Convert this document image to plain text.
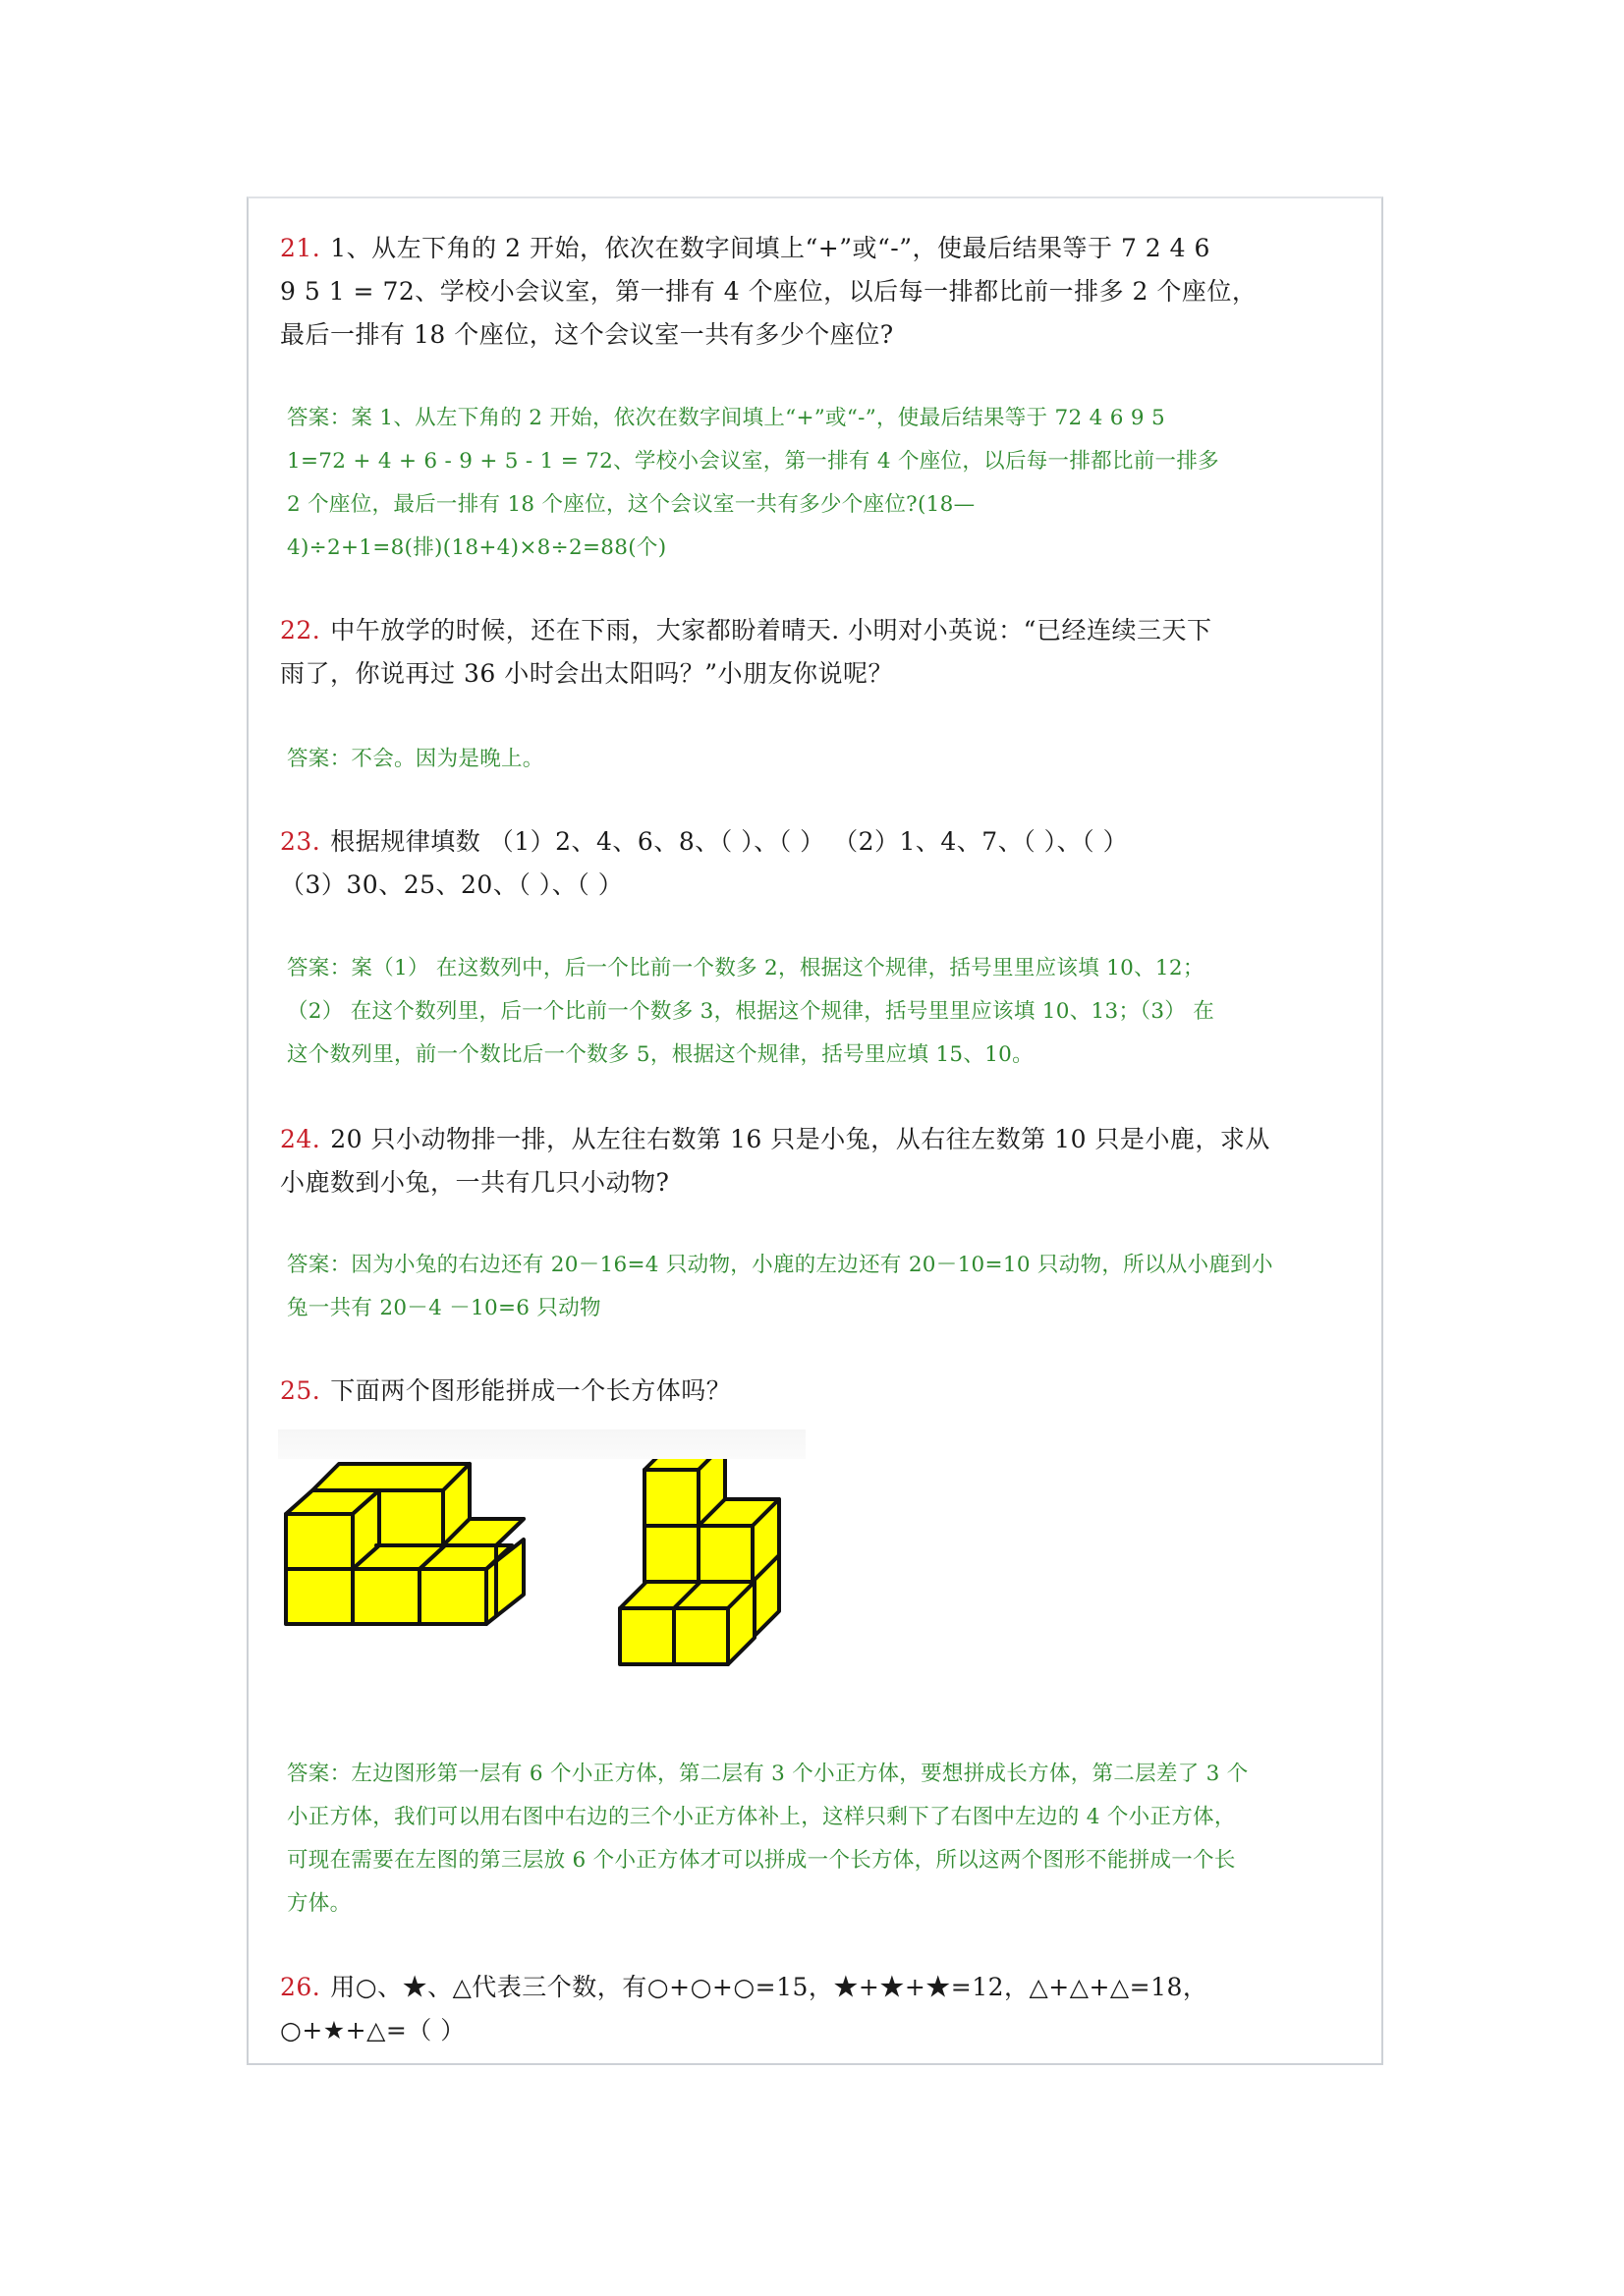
21. 1、从左下角的 2 开始，依次在数字间填上“+”或“-”，使最后结果等于 7 2 4 6
9 5 1 = 72、学校小会议室，第一排有 4 个座位，以后每一排都比前一排多 2 个座位，
最后一排有 18 个座位，这个会议室一共有多少个座位?
答案：案 1、从左下角的 2 开始，依次在数字间填上“+”或“-”，使最后结果等于 72 4 6 9 5
1=72 + 4 + 6 - 9 + 5 - 1 = 72、学校小会议室，第一排有 4 个座位，以后每一排都比前一排多
2 个座位，最后一排有 18 个座位，这个会议室一共有多少个座位?(18—
4)÷2+1=8(排)(18+4)×8÷2=88(个)
22. 中午放学的时候，还在下雨，大家都盼着晴天. 小明对小英说：“已经连续三天下
雨了，你说再过 36 小时会出太阳吗？”小朋友你说呢？
答案：不会。因为是晚上。
23. 根据规律填数 （1）2、4、6、8、（ ）、（ ） （2）1、4、7、（ ）、（ ）
（3）30、25、20、（ ）、（ ）
答案：案（1） 在这数列中，后一个比前一个数多 2，根据这个规律，括号里里应该填 10、12；
（2） 在这个数列里，后一个比前一个数多 3，根据这个规律，括号里里应该填 10、13；（3） 在
这个数列里，前一个数比后一个数多 5，根据这个规律，括号里应填 15、10。
24. 20 只小动物排一排，从左往右数第 16 只是小兔，从右往左数第 10 只是小鹿，求从
小鹿数到小兔，一共有几只小动物?
答案：因为小兔的右边还有 20－16=4 只动物，小鹿的左边还有 20－10=10 只动物，所以从小鹿到小
兔一共有 20－4 －10=6 只动物
25. 下面两个图形能拼成一个长方体吗？
答案：左边图形第一层有 6 个小正方体，第二层有 3 个小正方体，要想拼成长方体，第二层差了 3 个
小正方体，我们可以用右图中右边的三个小正方体补上，这样只剩下了右图中左边的 4 个小正方体，
可现在需要在左图的第三层放 6 个小正方体才可以拼成一个长方体，所以这两个图形不能拼成一个长
方体。
26. 用○、★、△代表三个数，有○+○+○=15，★+★+★=12，△+△+△=18，
○+★+△=（ ）
